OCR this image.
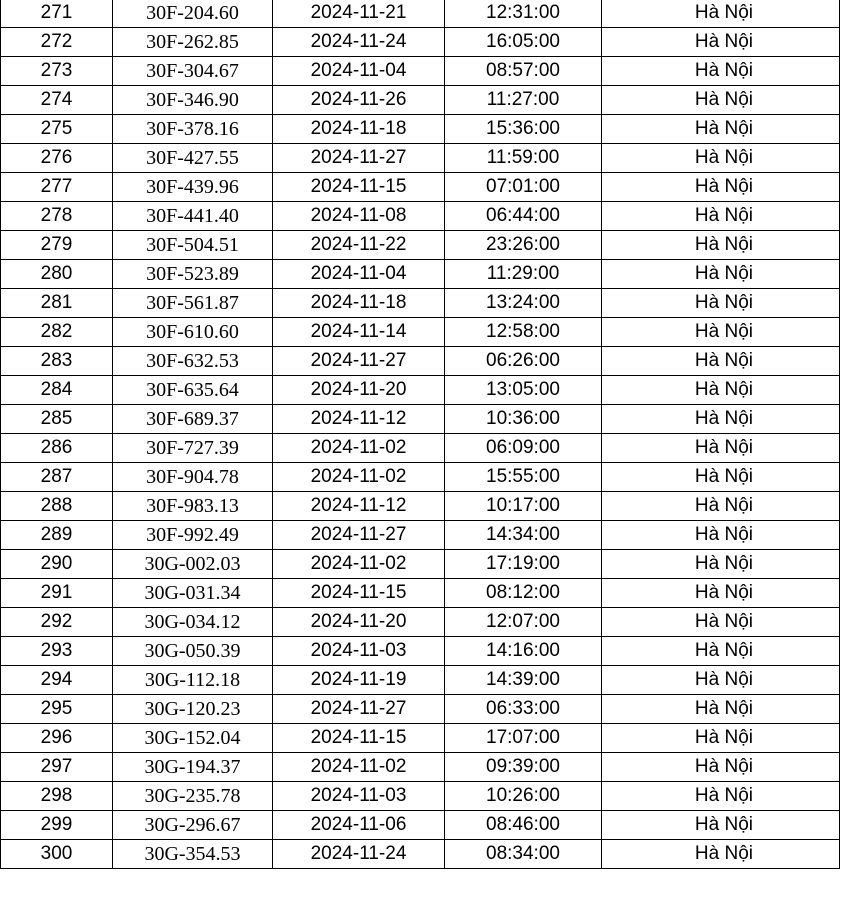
271	30F-204.60	2024-11-21	12:31:00	Hà Nội
272	30F-262.85	2024-11-24	16:05:00	Hà Nội
273	30F-304.67	2024-11-04	08:57:00	Hà Nội
274	30F-346.90	2024-11-26	11:27:00	Hà Nội
275	30F-378.16	2024-11-18	15:36:00	Hà Nội
276	30F-427.55	2024-11-27	11:59:00	Hà Nội
277	30F-439.96	2024-11-15	07:01:00	Hà Nội
278	30F-441.40	2024-11-08	06:44:00	Hà Nội
279	30F-504.51	2024-11-22	23:26:00	Hà Nội
280	30F-523.89	2024-11-04	11:29:00	Hà Nội
281	30F-561.87	2024-11-18	13:24:00	Hà Nội
282	30F-610.60	2024-11-14	12:58:00	Hà Nội
283	30F-632.53	2024-11-27	06:26:00	Hà Nội
284	30F-635.64	2024-11-20	13:05:00	Hà Nội
285	30F-689.37	2024-11-12	10:36:00	Hà Nội
286	30F-727.39	2024-11-02	06:09:00	Hà Nội
287	30F-904.78	2024-11-02	15:55:00	Hà Nội
288	30F-983.13	2024-11-12	10:17:00	Hà Nội
289	30F-992.49	2024-11-27	14:34:00	Hà Nội
290	30G-002.03	2024-11-02	17:19:00	Hà Nội
291	30G-031.34	2024-11-15	08:12:00	Hà Nội
292	30G-034.12	2024-11-20	12:07:00	Hà Nội
293	30G-050.39	2024-11-03	14:16:00	Hà Nội
294	30G-112.18	2024-11-19	14:39:00	Hà Nội
295	30G-120.23	2024-11-27	06:33:00	Hà Nội
296	30G-152.04	2024-11-15	17:07:00	Hà Nội
297	30G-194.37	2024-11-02	09:39:00	Hà Nội
298	30G-235.78	2024-11-03	10:26:00	Hà Nội
299	30G-296.67	2024-11-06	08:46:00	Hà Nội
300	30G-354.53	2024-11-24	08:34:00	Hà Nội
